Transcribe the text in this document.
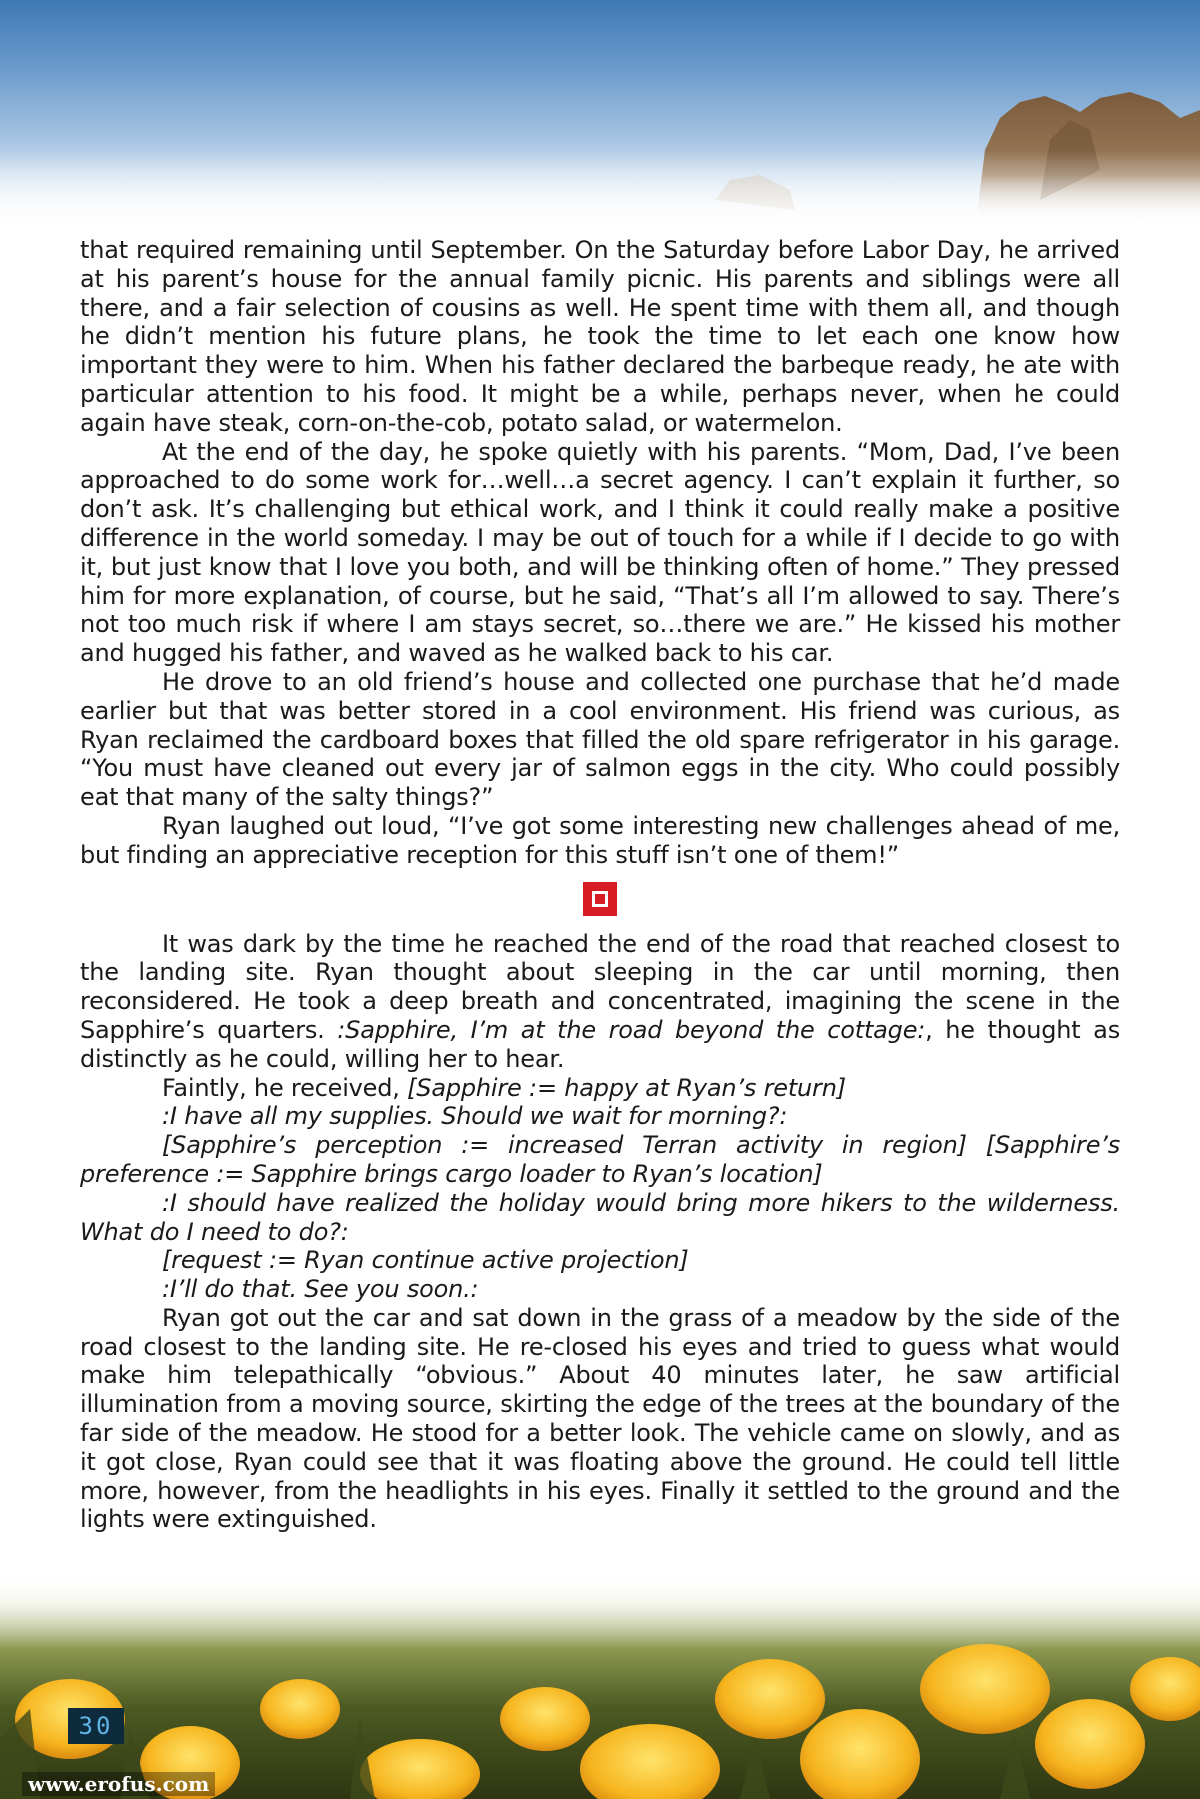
that required remaining until September. On the Saturday before Labor Day, he arrived at his parent’s house for the annual family picnic. His parents and siblings were all there, and a fair selection of cousins as well. He spent time with them all, and though he didn’t mention his future plans, he took the time to let each one know how important they were to him. When his father declared the barbeque ready, he ate with particular attention to his food. It might be a while, perhaps never, when he could again have steak, corn-on-the-cob, potato salad, or watermelon.

At the end of the day, he spoke quietly with his parents. “Mom, Dad, I’ve been approached to do some work for…well…a secret agency. I can’t explain it further, so don’t ask. It’s challenging but ethical work, and I think it could really make a positive difference in the world someday. I may be out of touch for a while if I decide to go with it, but just know that I love you both, and will be thinking often of home.” They pressed him for more explanation, of course, but he said, “That’s all I’m allowed to say. There’s not too much risk if where I am stays secret, so…there we are.” He kissed his mother and hugged his father, and waved as he walked back to his car.

He drove to an old friend’s house and collected one purchase that he’d made earlier but that was better stored in a cool environment. His friend was curious, as Ryan reclaimed the cardboard boxes that filled the old spare refrigerator in his garage. “You must have cleaned out every jar of salmon eggs in the city. Who could possibly eat that many of the salty things?”

Ryan laughed out loud, “I’ve got some interesting new challenges ahead of me, but finding an appreciative reception for this stuff isn’t one of them!”

It was dark by the time he reached the end of the road that reached closest to the landing site. Ryan thought about sleeping in the car until morning, then reconsidered. He took a deep breath and concentrated, imagining the scene in the Sapphire’s quarters. :Sapphire, I’m at the road beyond the cottage:, he thought as distinctly as he could, willing her to hear.

Faintly, he received, [Sapphire := happy at Ryan’s return]

:I have all my supplies. Should we wait for morning?:

[Sapphire’s perception := increased Terran activity in region] [Sapphire’s preference := Sapphire brings cargo loader to Ryan’s location]

:I should have realized the holiday would bring more hikers to the wilderness. What do I need to do?:

[request := Ryan continue active projection]

:I’ll do that. See you soon.:

Ryan got out the car and sat down in the grass of a meadow by the side of the road closest to the landing site. He re-closed his eyes and tried to guess what would make him telepathically “obvious.” About 40 minutes later, he saw artificial illumination from a moving source, skirting the edge of the trees at the boundary of the far side of the meadow. He stood for a better look. The vehicle came on slowly, and as it got close, Ryan could see that it was floating above the ground. He could tell little more, however, from the headlights in his eyes. Finally it settled to the ground and the lights were extinguished.

30
www.erofus.com
